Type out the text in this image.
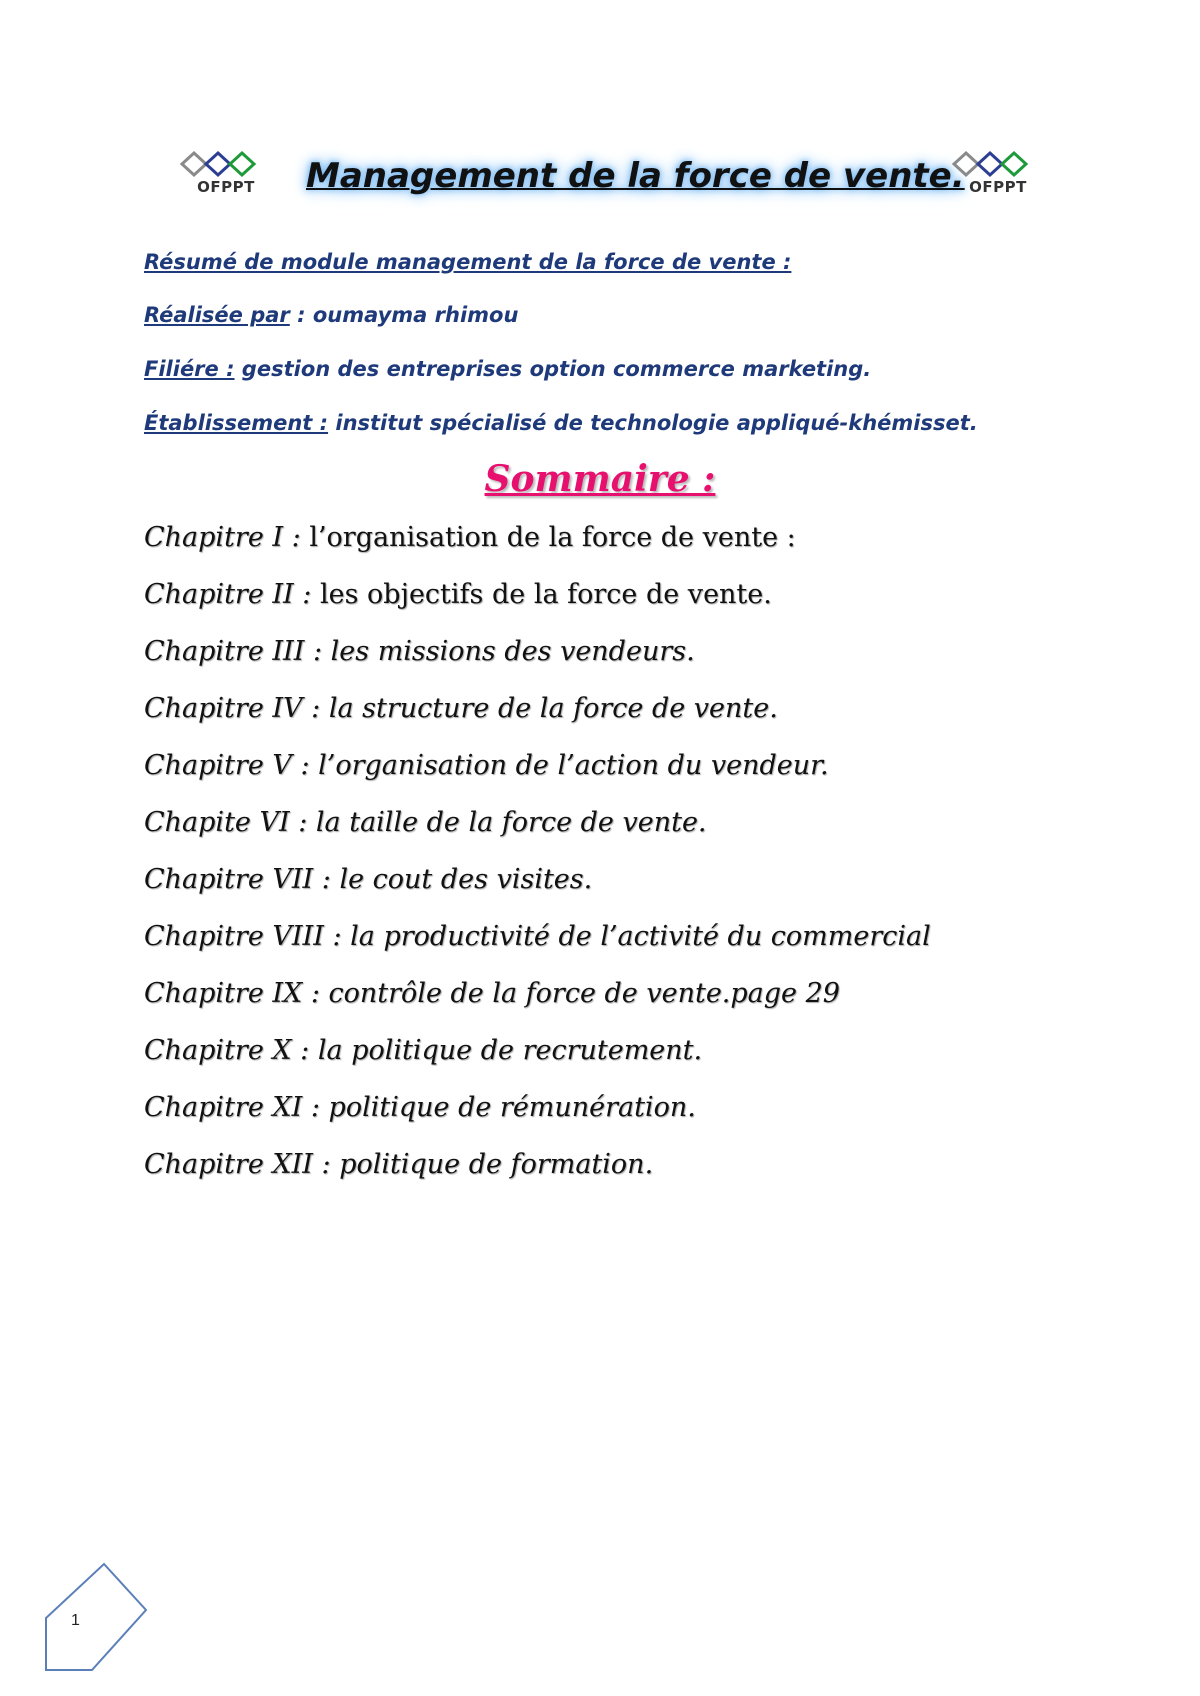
OFPPT	Management de la force de vente. OFPPT
Résumé de module management de la force de vente :
Réalisée par : oumayma rhimou
Filiére : gestion des entreprises option commerce marketing.
Établissement : institut spécialisé de technologie appliqué-khémisset.
Sommaire :
Chapitre I : l’organisation de la force de vente :
Chapitre II : les objectifs de la force de vente.
Chapitre III : les missions des vendeurs.
Chapitre IV : la structure de la force de vente.
Chapitre V : l’organisation de l’action du vendeur.
Chapite VI : la taille de la force de vente.
Chapitre VII : le cout des visites.
Chapitre VIII : la productivité de l’activité du commercial
Chapitre IX : contrôle de la force de vente.page 29
Chapitre X : la politique de recrutement.
Chapitre XI : politique de rémunération.
Chapitre XII : politique de formation.
1
